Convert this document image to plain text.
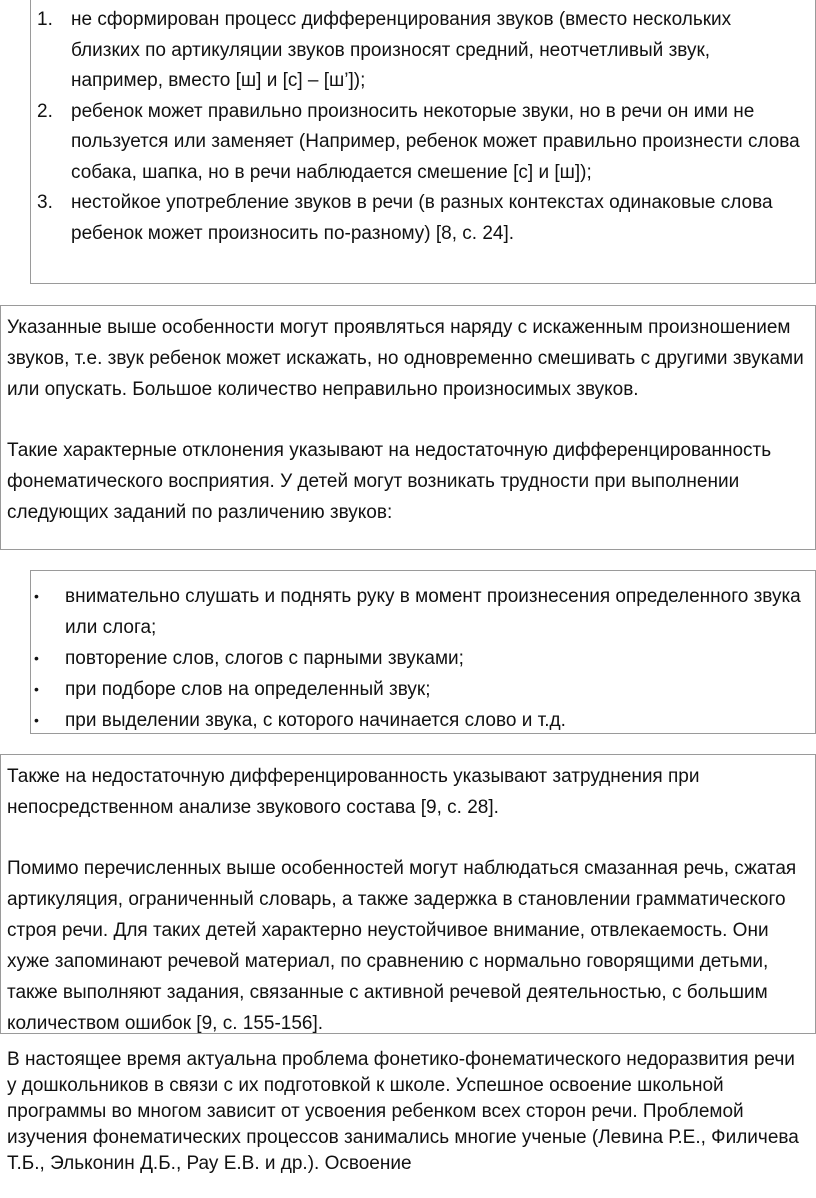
1. не сформирован процесс дифференцирования звуков (вместо нескольких близких по артикуляции звуков произносят средний, неотчетливый звук, например, вместо [ш] и [с] – [ш’]);
2. ребенок может правильно произносить некоторые звуки, но в речи он ими не пользуется или заменяет (Например, ребенок может правильно произнести слова собака, шапка, но в речи наблюдается смешение [с] и [ш]);
3. нестойкое употребление звуков в речи (в разных контекстах одинаковые слова ребенок может произносить по-разному) [8, с. 24].

Указанные выше особенности могут проявляться наряду с искаженным произношением звуков, т.е. звук ребенок может искажать, но одновременно смешивать с другими звуками или опускать. Большое количество неправильно произносимых звуков.

Такие характерные отклонения указывают на недостаточную дифференцированность фонематического восприятия. У детей могут возникать трудности при выполнении следующих заданий по различению звуков:

• внимательно слушать и поднять руку в момент произнесения определенного звука или слога;
• повторение слов, слогов с парными звуками;
• при подборе слов на определенный звук;
• при выделении звука, с которого начинается слово и т.д.

Также на недостаточную дифференцированность указывают затруднения при непосредственном анализе звукового состава [9, с. 28].

Помимо перечисленных выше особенностей могут наблюдаться смазанная речь, сжатая артикуляция, ограниченный словарь, а также задержка в становлении грамматического строя речи. Для таких детей характерно неустойчивое внимание, отвлекаемость. Они хуже запоминают речевой материал, по сравнению с нормально говорящими детьми, также выполняют задания, связанные с активной речевой деятельностью, с большим количеством ошибок [9, с. 155-156].

В настоящее время актуальна проблема фонетико-фонематического недоразвития речи у дошкольников в связи с их подготовкой к школе. Успешное освоение школьной программы во многом зависит от усвоения ребенком всех сторон речи. Проблемой изучения фонематических процессов занимались многие ученые (Левина Р.Е., Филичева Т.Б., Эльконин Д.Б., Рау Е.В. и др.). Освоение
